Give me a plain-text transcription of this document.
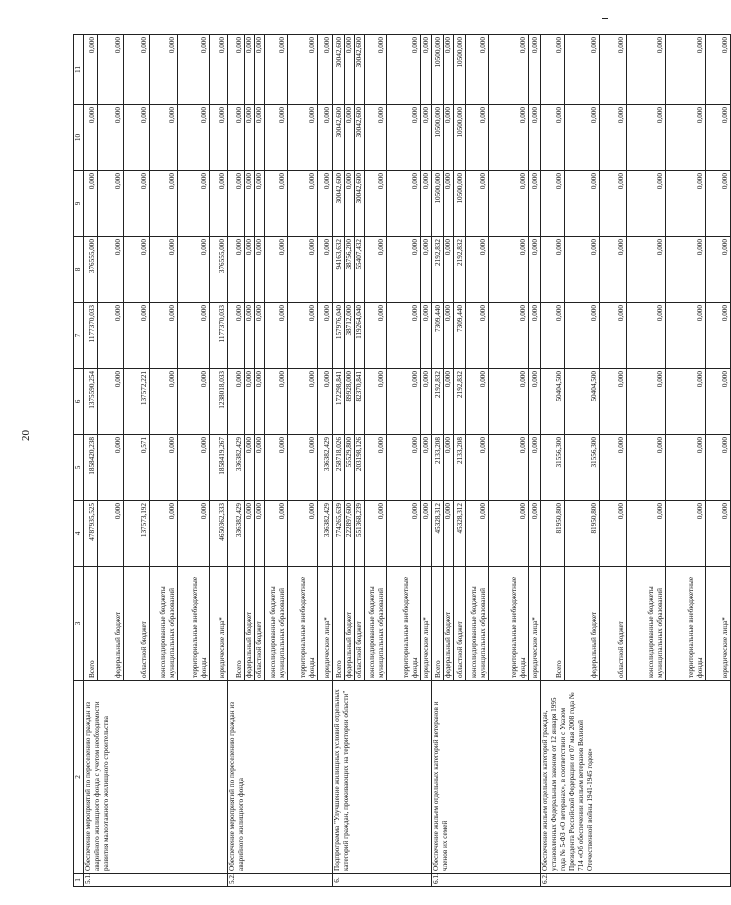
20
1	2	3	4	5	6	7	8	9	10	11
5.1.	Обеспечение мероприятий по переселению граждан из аварийного жилищного фонда с учетом необходимости развития малоэтажного жилищного строительства	Всего	4787935,525	1858420,238	1375590,254	1177370,033	376555,000	0,000	0,000	0,000
		федеральный бюджет	0,000	0,000	0,000	0,000	0,000	0,000	0,000	0,000
		областной бюджет	137573,192	0,571	137572,221	0,000	0,000	0,000	0,000	0,000
		консолидированные бюджеты муниципальных образований	0,000	0,000	0,000	0,000	0,000	0,000	0,000	0,000
		территориальные внебюджетные фонды	0,000	0,000	0,000	0,000	0,000	0,000	0,000	0,000
		юридические лица*	4650362,333	1858419,267	1238018,033	1177370,033	376555,000	0,000	0,000	0,000
5.2.	Обеспечение мероприятий по переселению граждан из аварийного жилищного фонда	Всего	336382,429	336382,429	0,000	0,000	0,000	0,000	0,000	0,000
		федеральный бюджет	0,000	0,000	0,000	0,000	0,000	0,000	0,000	0,000
		областной бюджет	0,000	0,000	0,000	0,000	0,000	0,000	0,000	0,000
		консолидированные бюджеты муниципальных образований	0,000	0,000	0,000	0,000	0,000	0,000	0,000	0,000
		территориальные внебюджетные фонды	0,000	0,000	0,000	0,000	0,000	0,000	0,000	0,000
		юридические лица*	336382,429	336382,429	0,000	0,000	0,000	0,000	0,000	0,000
6.	Подпрограмма "Улучшение жилищных условий отдельных категорий граждан, проживающих на территории области"	Всего	774265,639	258718,026	172298,841	157976,040	94163,632	30042,600	30042,600	30042,600
		федеральный бюджет	222897,600	55529,800	89928,000	38712,000	38756,200	0,000	0,000	0,000
		областной бюджет	551368,239	203198,126	82370,841	119264,040	55407,432	30042,600	30042,600	30042,600
		консолидированные бюджеты муниципальных образований	0,000	0,000	0,000	0,000	0,000	0,000	0,000	0,000
		территориальные внебюджетные фонды	0,000	0,000	0,000	0,000	0,000	0,000	0,000	0,000
		юридические лица*	0,000	0,000	0,000	0,000	0,000	0,000	0,000	0,000
6.1.	Обеспечение жильем отдельных категорий ветеранов и членов их семей	Всего	45328,312	2133,208	2192,832	7309,440	2192,832	10500,000	10500,000	10500,000
		федеральный бюджет	0,000	0,000	0,000	0,000	0,000	0,000	0,000	0,000
		областной бюджет	45328,312	2133,208	2192,832	7309,440	2192,832	10500,000	10500,000	10500,000
		консолидированные бюджеты муниципальных образований	0,000	0,000	0,000	0,000	0,000	0,000	0,000	0,000
		территориальные внебюджетные фонды	0,000	0,000	0,000	0,000	0,000	0,000	0,000	0,000
		юридические лица*	0,000	0,000	0,000	0,000	0,000	0,000	0,000	0,000
6.2.	Обеспечение жильем отдельных категорий граждан, установленных Федеральным законом от 12 января 1995 года № 5-ФЗ «О ветеранах», в соответствии с Указом Президента Российской Федерации от 07 мая 2008 года № 714 «Об обеспечении жильем ветеранов Великой Отечественной войны 1941-1945 годов»	Всего	81950,800	31556,300	50404,500	0,000	0,000	0,000	0,000	0,000
		федеральный бюджет	81950,800	31556,300	50404,500	0,000	0,000	0,000	0,000	0,000
		областной бюджет	0,000	0,000	0,000	0,000	0,000	0,000	0,000	0,000
		консолидированные бюджеты муниципальных образований	0,000	0,000	0,000	0,000	0,000	0,000	0,000	0,000
		территориальные внебюджетные фонды	0,000	0,000	0,000	0,000	0,000	0,000	0,000	0,000
		юридические лица*	0,000	0,000	0,000	0,000	0,000	0,000	0,000	0,000
